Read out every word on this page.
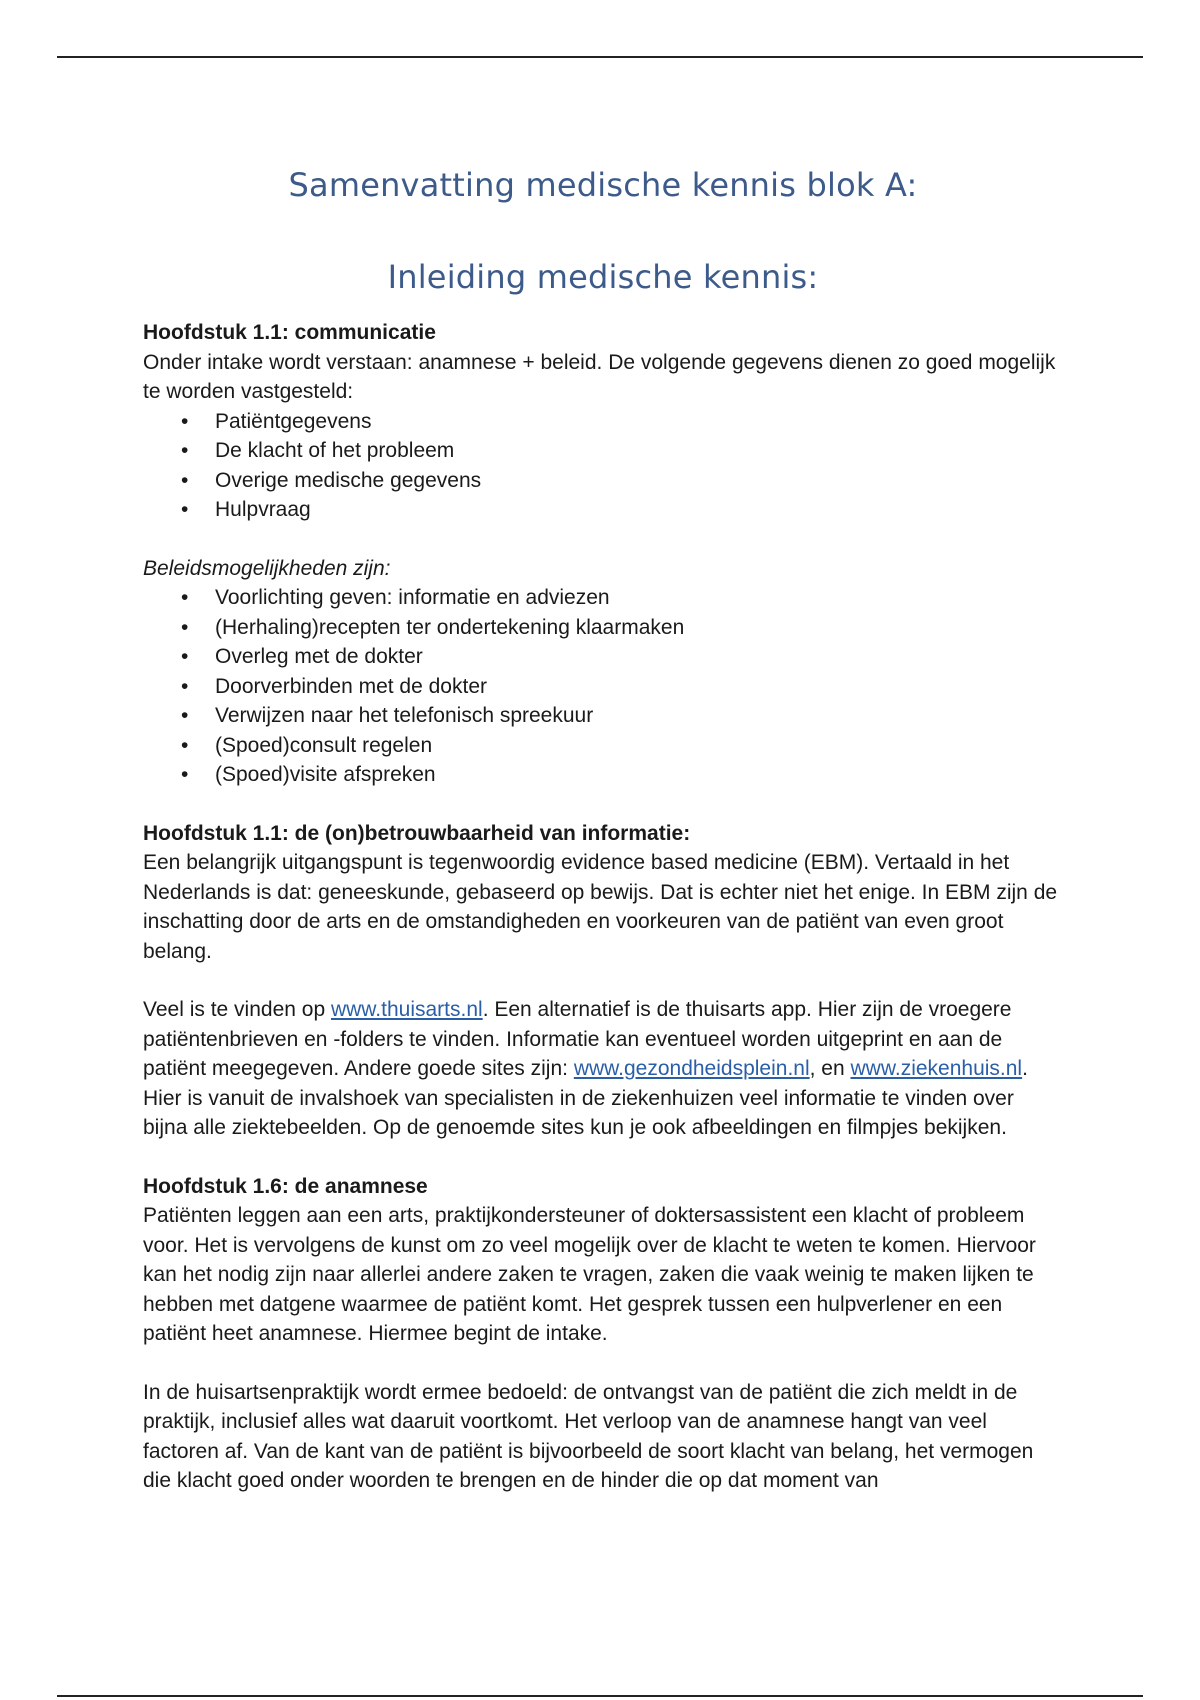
Samenvatting medische kennis blok A:
Inleiding medische kennis:

Hoofdstuk 1.1: communicatie

Onder intake wordt verstaan: anamnese + beleid. De volgende gegevens dienen zo goed mogelijk te worden vastgesteld:

• Patiëntgegevens
• De klacht of het probleem
• Overige medische gegevens
• Hulpvraag

Beleidsmogelijkheden zijn:

• Voorlichting geven: informatie en adviezen
• (Herhaling)recepten ter ondertekening klaarmaken
• Overleg met de dokter
• Doorverbinden met de dokter
• Verwijzen naar het telefonisch spreekuur
• (Spoed)consult regelen
• (Spoed)visite afspreken

Hoofdstuk 1.1: de (on)betrouwbaarheid van informatie:

Een belangrijk uitgangspunt is tegenwoordig evidence based medicine (EBM). Vertaald in het Nederlands is dat: geneeskunde, gebaseerd op bewijs. Dat is echter niet het enige. In EBM zijn de inschatting door de arts en de omstandigheden en voorkeuren van de patiënt van even groot belang.

Veel is te vinden op www.thuisarts.nl. Een alternatief is de thuisarts app. Hier zijn de vroegere patiëntenbrieven en -folders te vinden. Informatie kan eventueel worden uitgeprint en aan de patiënt meegegeven. Andere goede sites zijn: www.gezondheidsplein.nl, en www.ziekenhuis.nl. Hier is vanuit de invalshoek van specialisten in de ziekenhuizen veel informatie te vinden over bijna alle ziektebeelden. Op de genoemde sites kun je ook afbeeldingen en filmpjes bekijken.

Hoofdstuk 1.6: de anamnese

Patiënten leggen aan een arts, praktijkondersteuner of doktersassistent een klacht of probleem voor. Het is vervolgens de kunst om zo veel mogelijk over de klacht te weten te komen. Hiervoor kan het nodig zijn naar allerlei andere zaken te vragen, zaken die vaak weinig te maken lijken te hebben met datgene waarmee de patiënt komt. Het gesprek tussen een hulpverlener en een patiënt heet anamnese. Hiermee begint de intake.

In de huisartsenpraktijk wordt ermee bedoeld: de ontvangst van de patiënt die zich meldt in de praktijk, inclusief alles wat daaruit voortkomt. Het verloop van de anamnese hangt van veel factoren af. Van de kant van de patiënt is bijvoorbeeld de soort klacht van belang, het vermogen die klacht goed onder woorden te brengen en de hinder die op dat moment van
